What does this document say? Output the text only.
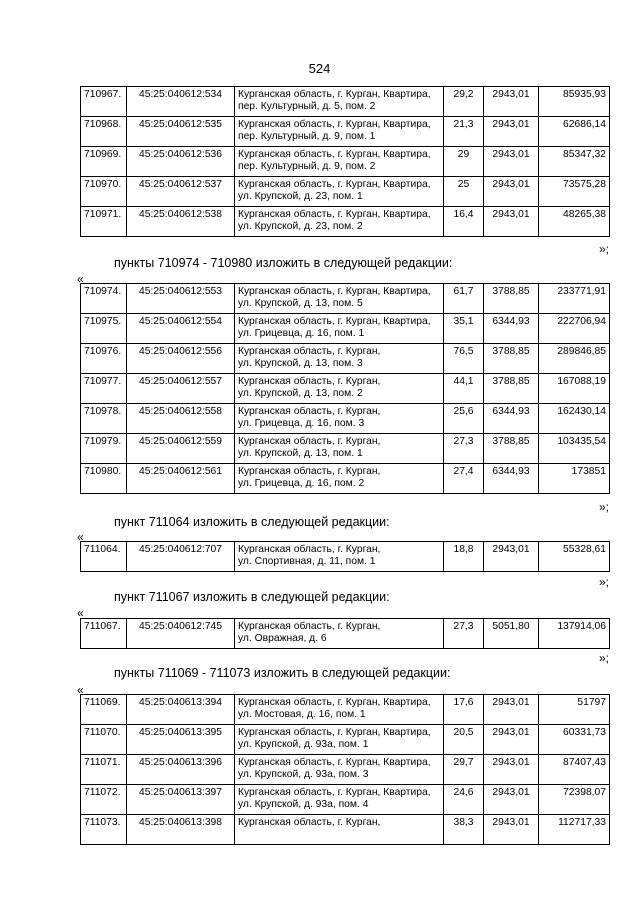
524
710967.	45:25:040612:534	Курганская область, г. Курган, Квартира,
пер. Культурный, д. 5, пом. 2	29,2	2943,01	85935,93
710968.	45:25:040612:535	Курганская область, г. Курган, Квартира,
пер. Культурный, д. 9, пом. 1	21,3	2943,01	62686,14
710969.	45:25:040612:536	Курганская область, г. Курган, Квартира,
пер. Культурный, д. 9, пом. 2	29	2943,01	85347,32
710970.	45:25:040612:537	Курганская область, г. Курган, Квартира,
ул. Крупской, д. 23, пом. 1	25	2943,01	73575,28
710971.	45:25:040612:538	Курганская область, г. Курган, Квартира,
ул. Крупской, д. 23, пом. 2	16,4	2943,01	48265,38
»;
пункты 710974 - 710980 изложить в следующей редакции:
«
710974.	45:25:040612:553	Курганская область, г. Курган, Квартира,
ул. Крупской, д. 13, пом. 5	61,7	3788,85	233771,91
710975.	45:25:040612:554	Курганская область, г. Курган, Квартира,
ул. Грицевца, д. 16, пом. 1	35,1	6344,93	222706,94
710976.	45:25:040612:556	Курганская область, г. Курган,
ул. Крупской, д. 13, пом. 3	76,5	3788,85	289846,85
710977.	45:25:040612:557	Курганская область, г. Курган,
ул. Крупской, д. 13, пом. 2	44,1	3788,85	167088,19
710978.	45:25:040612:558	Курганская область, г. Курган,
ул. Грицевца, д. 16, пом. 3	25,6	6344,93	162430,14
710979.	45:25:040612:559	Курганская область, г. Курган,
ул. Крупской, д. 13, пом. 1	27,3	3788,85	103435,54
710980.	45:25:040612:561	Курганская область, г. Курган,
ул. Грицевца, д. 16, пом. 2	27,4	6344,93	173851
»;
пункт 711064 изложить в следующей редакции:
«
711064.	45:25:040612:707	Курганская область, г. Курган,
ул. Спортивная, д. 11, пом. 1
	18,8	2943,01	55328,61
»;
пункт 711067 изложить в следующей редакции:
«
711067.	45:25:040612:745	Курганская область, г. Курган,
ул. Овражная, д. 6
	27,3	5051,80	137914,06
»;
пункты 711069 - 711073 изложить в следующей редакции:
«
711069.	45:25:040613:394	Курганская область, г. Курган, Квартира,
ул. Мостовая, д. 16, пом. 1	17,6	2943,01	51797
711070.	45:25:040613:395	Курганская область, г. Курган, Квартира,
ул. Крупской, д. 93а, пом. 1	20,5	2943,01	60331,73
711071.	45:25:040613:396	Курганская область, г. Курган, Квартира,
ул. Крупской, д. 93а, пом. 3	29,7	2943,01	87407,43
711072.	45:25:040613:397	Курганская область, г. Курган, Квартира,
ул. Крупской, д. 93а, пом. 4	24,6	2943,01	72398,07
711073.	45:25:040613:398	Курганская область, г. Курган,	38,3	2943,01	112717,33
